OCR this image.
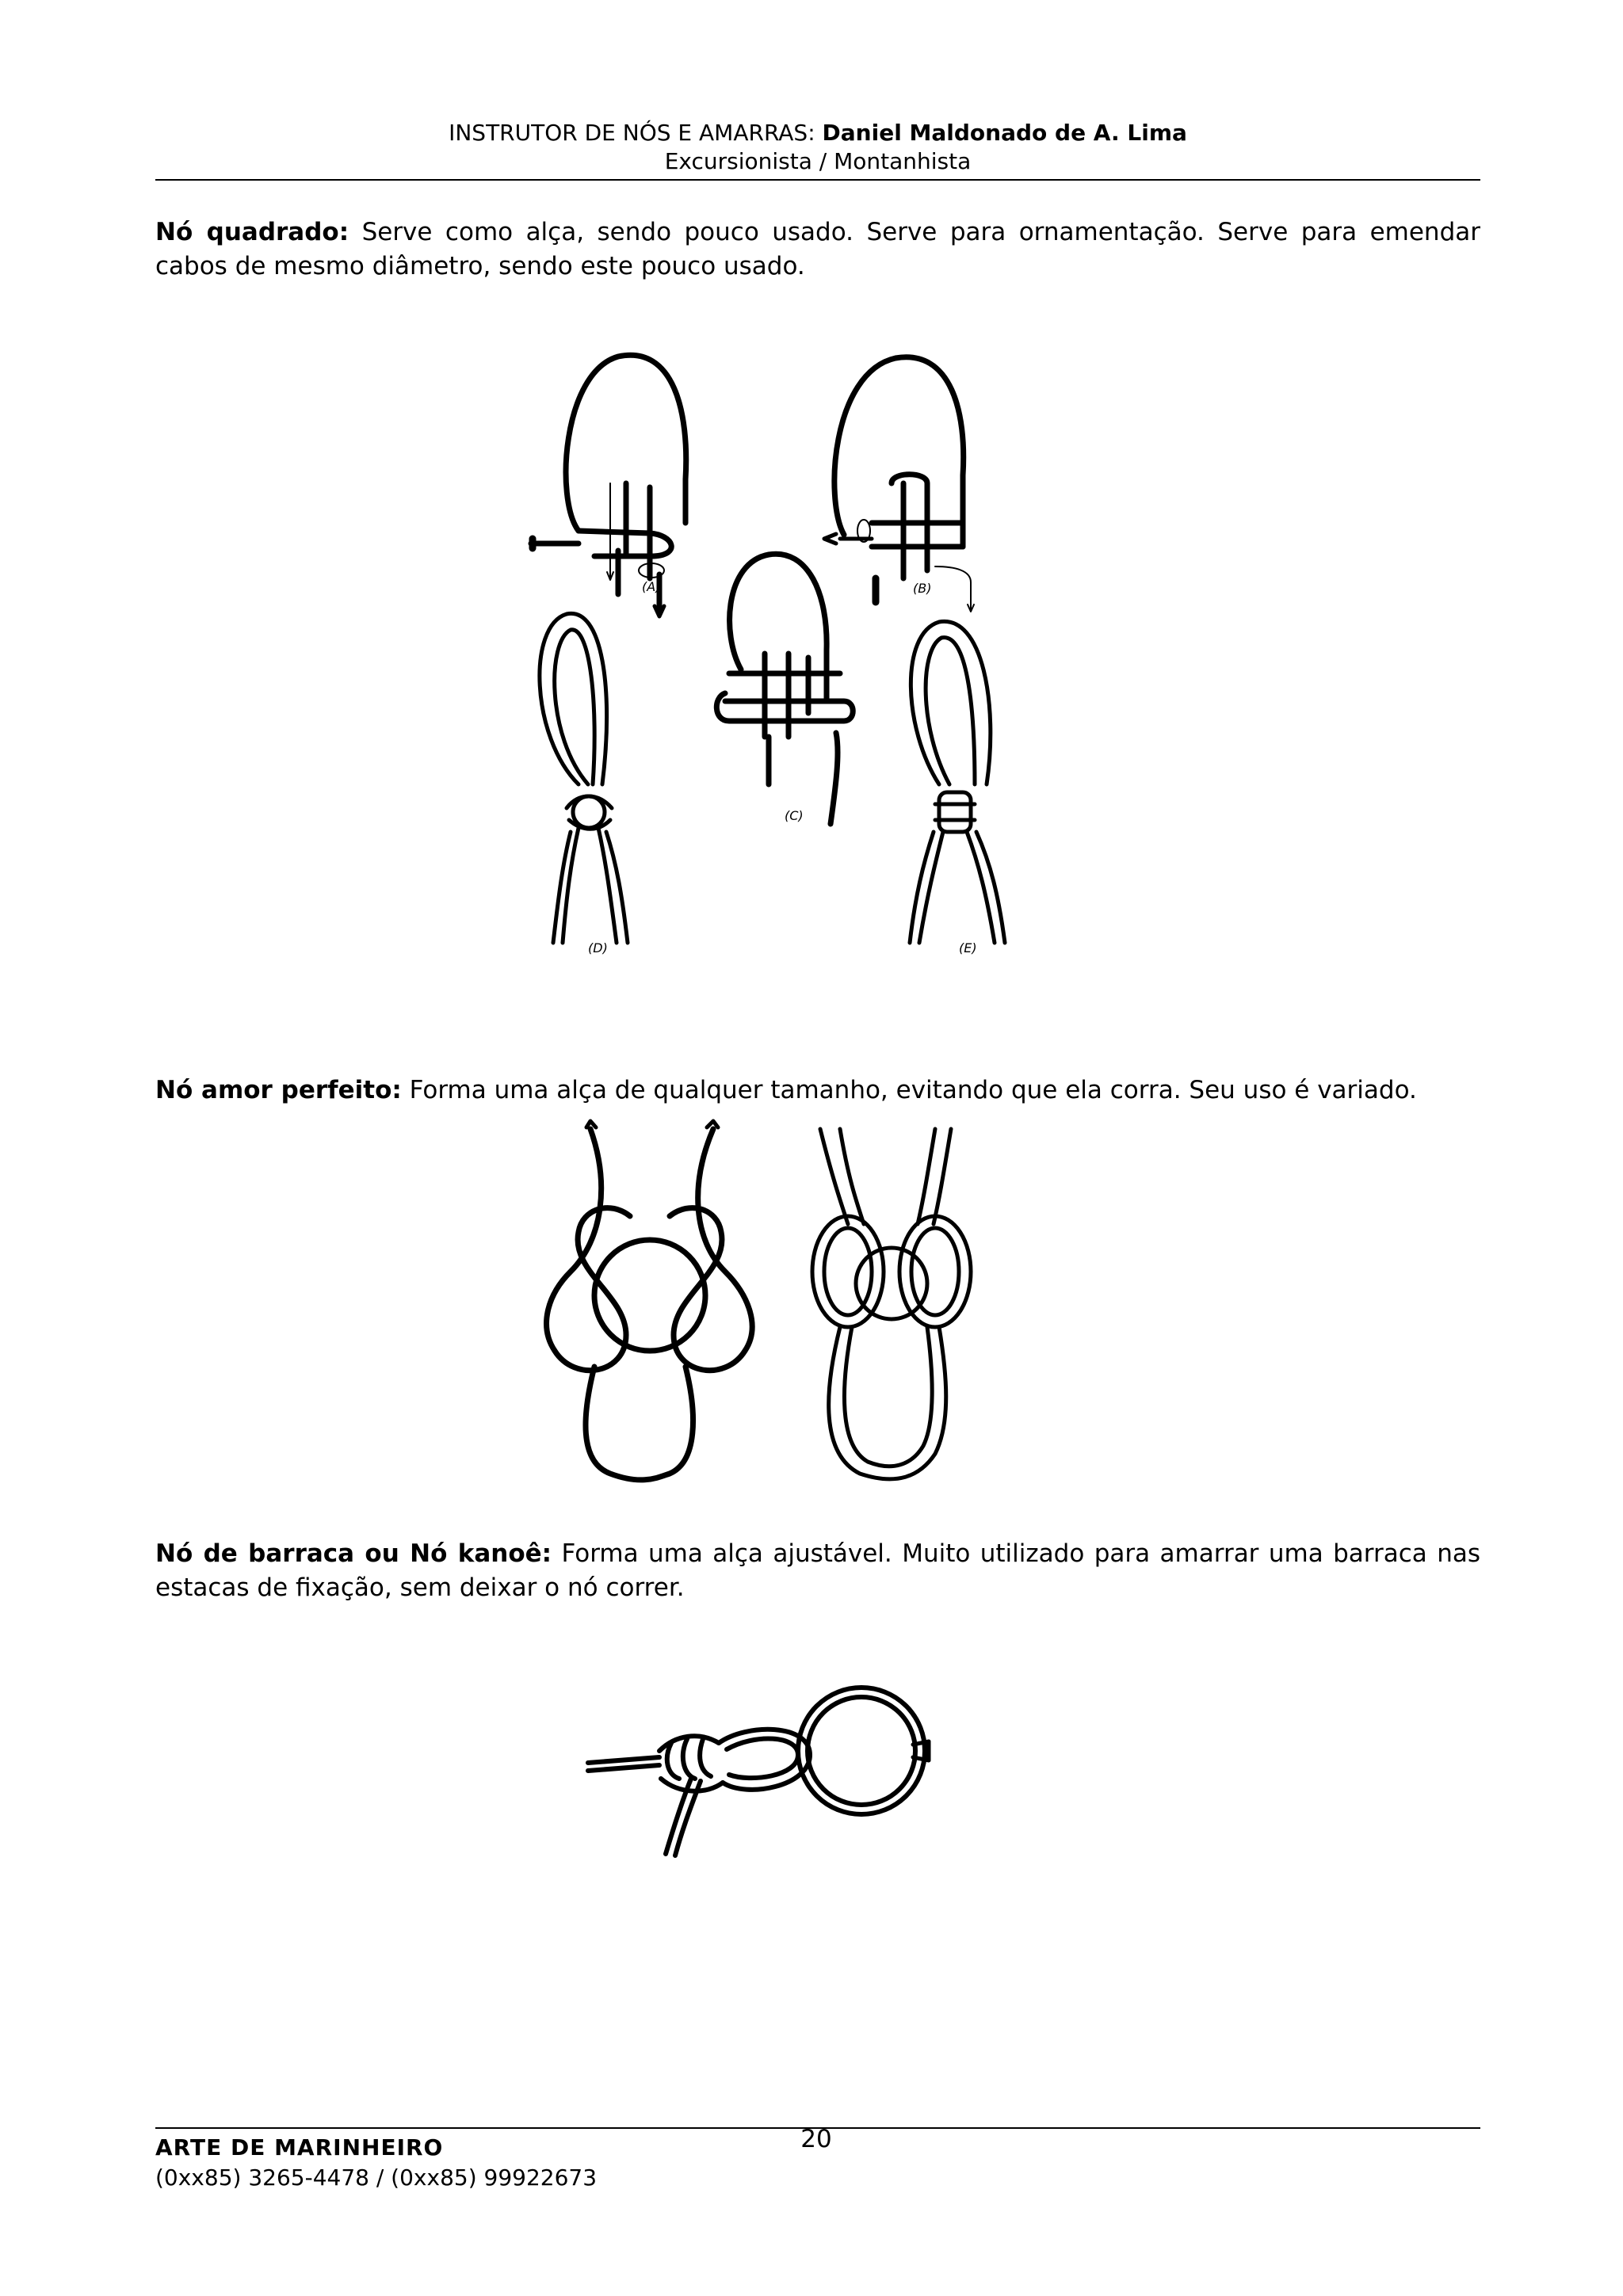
INSTRUTOR DE NÓS E AMARRAS: Daniel Maldonado de A. Lima
Excursionista / Montanhista
Nó quadrado: Serve como alça, sendo pouco usado. Serve para ornamentação. Serve para emendar cabos de mesmo diâmetro, sendo este pouco usado.
(A)	(B)
(C)
(D)	(E)
Nó amor perfeito: Forma uma alça de qualquer tamanho, evitando que ela corra. Seu uso é variado.
Nó de barraca ou Nó kanoê: Forma uma alça ajustável. Muito utilizado para amarrar uma barraca nas estacas de fixação, sem deixar o nó correr.
ARTE DE MARINHEIRO
(0xx85) 3265-4478 / (0xx85) 99922673
20
